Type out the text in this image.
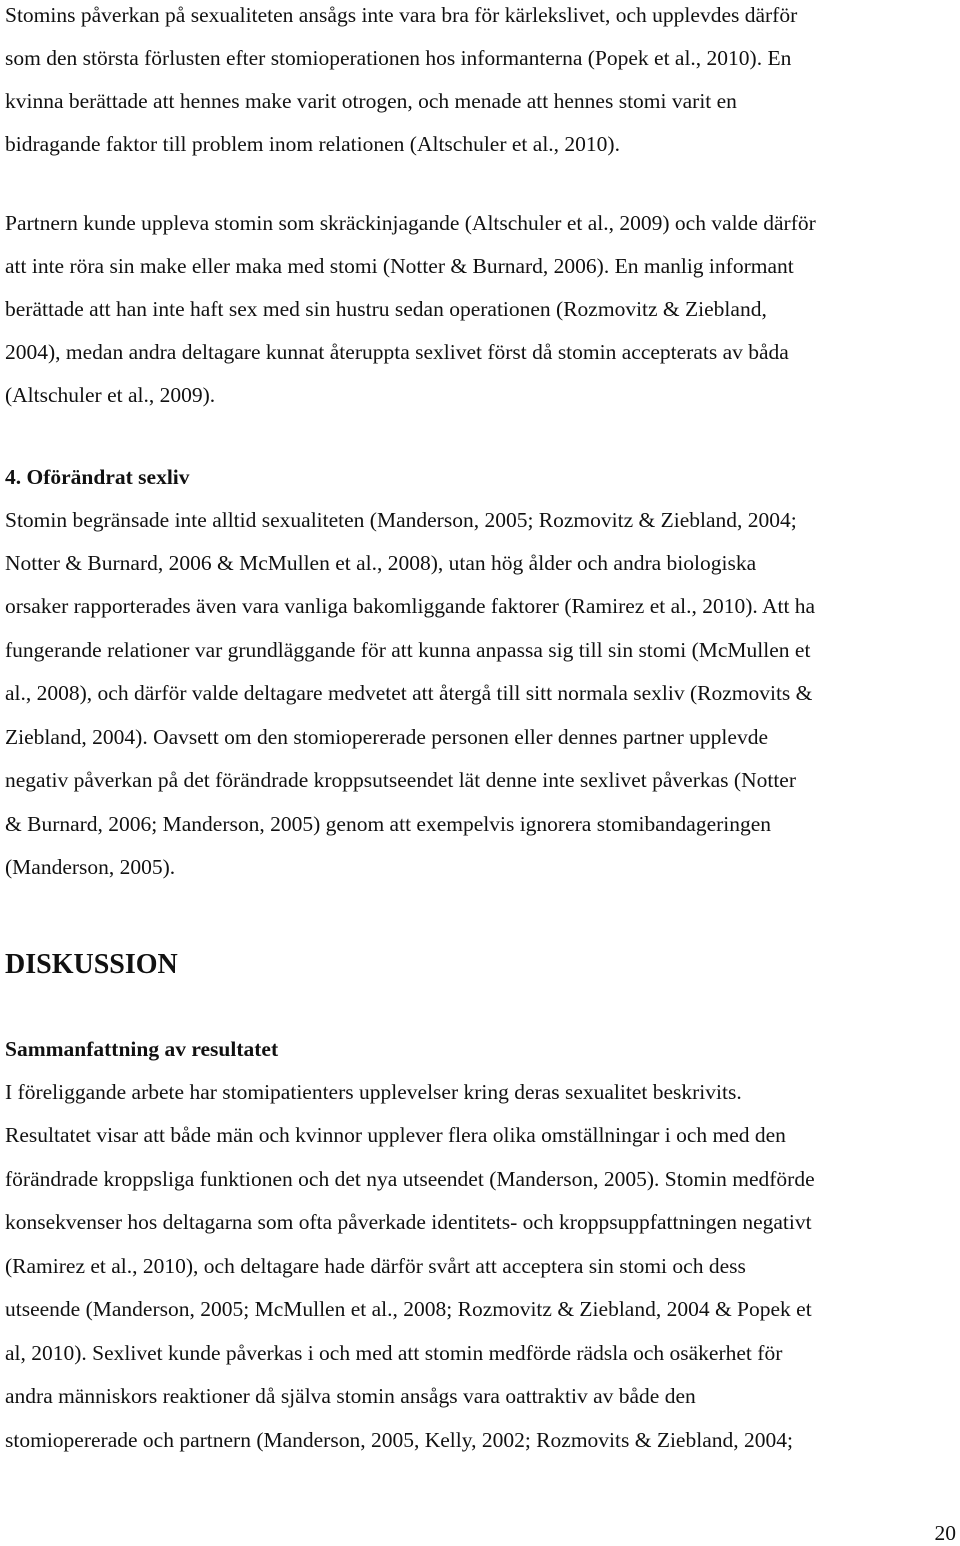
Stomins påverkan på sexualiteten ansågs inte vara bra för kärlekslivet, och upplevdes därför
som den största förlusten efter stomioperationen hos informanterna (Popek et al., 2010). En
kvinna berättade att hennes make varit otrogen, och menade att hennes stomi varit en
bidragande faktor till problem inom relationen (Altschuler et al., 2010).
Partnern kunde uppleva stomin som skräckinjagande (Altschuler et al., 2009) och valde därför
att inte röra sin make eller maka med stomi (Notter & Burnard, 2006). En manlig informant
berättade att han inte haft sex med sin hustru sedan operationen (Rozmovitz & Ziebland,
2004), medan andra deltagare kunnat återuppta sexlivet först då stomin accepterats av båda
(Altschuler et al., 2009).
4. Oförändrat sexliv
Stomin begränsade inte alltid sexualiteten (Manderson, 2005; Rozmovitz & Ziebland, 2004;
Notter & Burnard, 2006 & McMullen et al., 2008), utan hög ålder och andra biologiska
orsaker rapporterades även vara vanliga bakomliggande faktorer (Ramirez et al., 2010). Att ha
fungerande relationer var grundläggande för att kunna anpassa sig till sin stomi (McMullen et
al., 2008), och därför valde deltagare medvetet att återgå till sitt normala sexliv (Rozmovits &
Ziebland, 2004). Oavsett om den stomiopererade personen eller dennes partner upplevde
negativ påverkan på det förändrade kroppsutseendet lät denne inte sexlivet påverkas (Notter
& Burnard, 2006; Manderson, 2005) genom att exempelvis ignorera stomibandageringen
(Manderson, 2005).
DISKUSSION
Sammanfattning av resultatet
I föreliggande arbete har stomipatienters upplevelser kring deras sexualitet beskrivits.
Resultatet visar att både män och kvinnor upplever flera olika omställningar i och med den
förändrade kroppsliga funktionen och det nya utseendet (Manderson, 2005). Stomin medförde
konsekvenser hos deltagarna som ofta påverkade identitets- och kroppsuppfattningen negativt
(Ramirez et al., 2010), och deltagare hade därför svårt att acceptera sin stomi och dess
utseende (Manderson, 2005; McMullen et al., 2008; Rozmovitz & Ziebland, 2004 & Popek et
al, 2010). Sexlivet kunde påverkas i och med att stomin medförde rädsla och osäkerhet för
andra människors reaktioner då själva stomin ansågs vara oattraktiv av både den
stomiopererade och partnern (Manderson, 2005, Kelly, 2002; Rozmovits & Ziebland, 2004;
20
